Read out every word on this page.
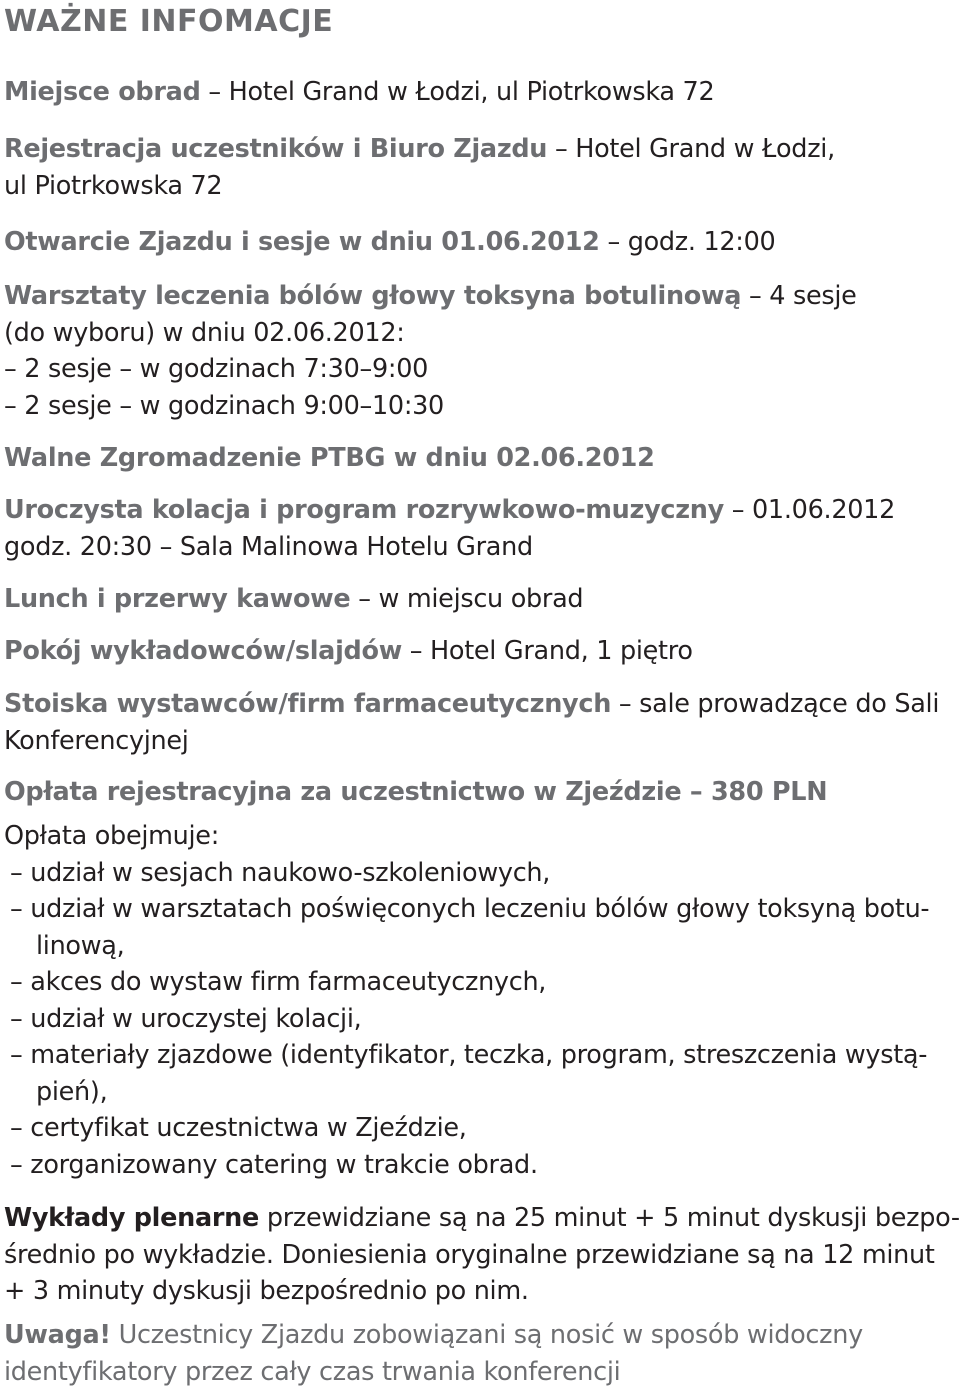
WAŻNE INFOMACJE
Miejsce obrad – Hotel Grand w Łodzi, ul Piotrkowska 72
Rejestracja uczestników i Biuro Zjazdu – Hotel Grand w Łodzi,
ul Piotrkowska 72
Otwarcie Zjazdu i sesje w dniu 01.06.2012 – godz. 12:00
Warsztaty leczenia bólów głowy toksyna botulinową – 4 sesje
(do wyboru) w dniu 02.06.2012:
– 2 sesje – w godzinach 7:30–9:00
– 2 sesje – w godzinach 9:00–10:30
Walne Zgromadzenie PTBG w dniu 02.06.2012
Uroczysta kolacja i program rozrywkowo-muzyczny – 01.06.2012
godz. 20:30 – Sala Malinowa Hotelu Grand
Lunch i przerwy kawowe – w miejscu obrad
Pokój wykładowców/slajdów – Hotel Grand, 1 piętro
Stoiska wystawców/firm farmaceutycznych – sale prowadzące do Sali
Konferencyjnej
Opłata rejestracyjna za uczestnictwo w Zjeździe – 380 PLN
Opłata obejmuje:
– udział w sesjach naukowo-szkoleniowych,
– udział w warsztatach poświęconych leczeniu bólów głowy toksyną botu-
linową,
– akces do wystaw firm farmaceutycznych,
– udział w uroczystej kolacji,
– materiały zjazdowe (identyfikator, teczka, program, streszczenia wystą-
pień),
– certyfikat uczestnictwa w Zjeździe,
– zorganizowany catering w trakcie obrad.
Wykłady plenarne przewidziane są na 25 minut + 5 minut dyskusji bezpo-
średnio po wykładzie. Doniesienia oryginalne przewidziane są na 12 minut
+ 3 minuty dyskusji bezpośrednio po nim.
Uwaga! Uczestnicy Zjazdu zobowiązani są nosić w sposób widoczny
identyfikatory przez cały czas trwania konferencji
